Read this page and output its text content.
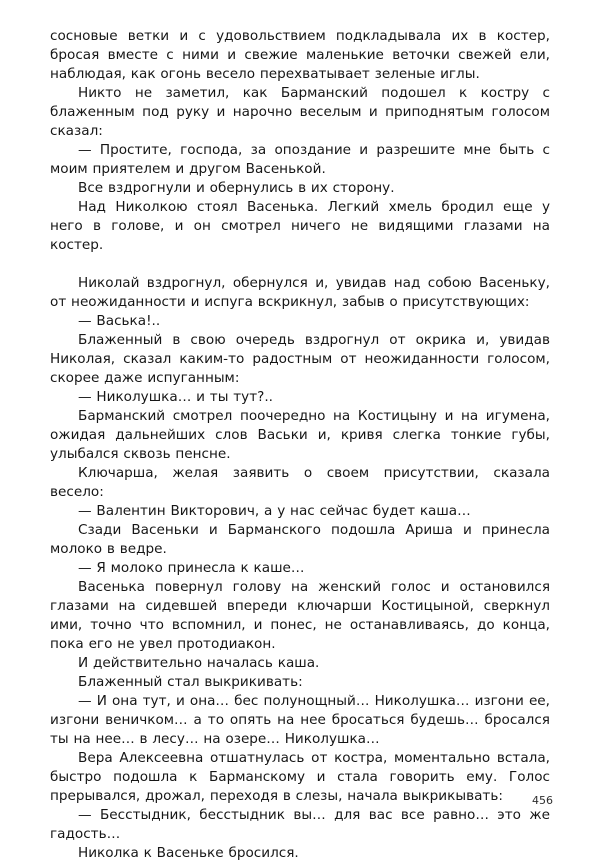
сосновые ветки и с удовольствием подкладывала их в костер, бросая вместе с ними и свежие маленькие веточки свежей ели, наблюдая, как огонь весело перехватывает зеленые иглы.

Никто не заметил, как Барманский подошел к костру с блаженным под руку и нарочно веселым и приподнятым голосом сказал:

— Простите, господа, за опоздание и разрешите мне быть с моим приятелем и другом Васенькой.

Все вздрогнули и обернулись в их сторону.

Над Николкою стоял Васенька. Легкий хмель бродил еще у него в голове, и он смотрел ничего не видящими глазами на костер.

Николай вздрогнул, обернулся и, увидав над собою Васеньку, от неожиданности и испуга вскрикнул, забыв о присутствующих:

— Васька!..

Блаженный в свою очередь вздрогнул от окрика и, увидав Николая, сказал каким-то радостным от неожиданности голосом, скорее даже испуганным:

— Николушка… и ты тут?..

Барманский смотрел поочередно на Костицыну и на игумена, ожидая дальнейших слов Васьки и, кривя слегка тонкие губы, улыбался сквозь пенсне.

Ключарша, желая заявить о своем присутствии, сказала весело:

— Валентин Викторович, а у нас сейчас будет каша…

Сзади Васеньки и Барманского подошла Ариша и принесла молоко в ведре.

— Я молоко принесла к каше…

Васенька повернул голову на женский голос и остановился глазами на сидевшей впереди ключарши Костицыной, сверкнул ими, точно что вспомнил, и понес, не останавливаясь, до конца, пока его не увел протодиакон.

И действительно началась каша.

Блаженный стал выкрикивать:

— И она тут, и она… бес полунощный… Николушка… изгони ее, изгони веничком… а то опять на нее бросаться будешь… бросался ты на нее… в лесу… на озере… Николушка…

Вера Алексеевна отшатнулась от костра, моментально встала, быстро подошла к Барманскому и стала говорить ему. Голос прерывался, дрожал, переходя в слезы, начала выкрикывать:

— Бесстыдник, бесстыдник вы… для вас все равно… это же гадость…

Николка к Васеньке бросился.

456
